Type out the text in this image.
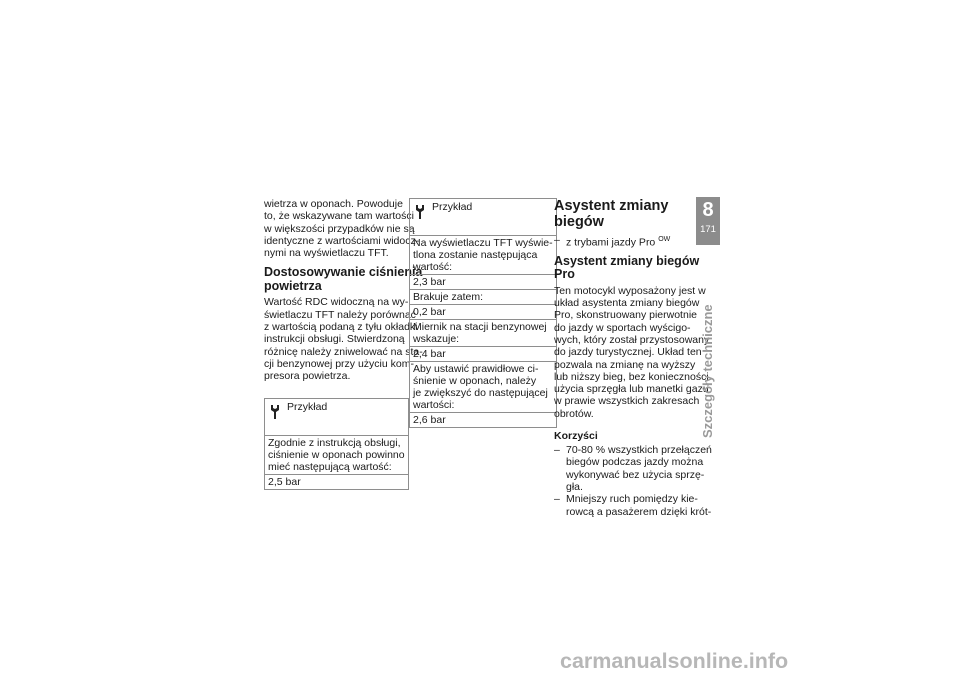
wietrza w oponach. Powoduje
to, że wskazywane tam wartości
w większości przypadków nie są
identyczne z wartościami widocz-
nymi na wyświetlaczu TFT.

Dostosowywanie ciśnienia
powietrza

Wartość RDC widoczną na wy-
świetlaczu TFT należy porównać
z wartością podaną z tyłu okładki
instrukcji obsługi. Stwierdzoną
różnicę należy zniwelować na sta-
cji benzynowej przy użyciu kom-
presora powietrza.

Przykład

Zgodnie z instrukcją obsługi,
ciśnienie w oponach powinno
mieć następującą wartość:

2,5 bar
Przykład

Na wyświetlaczu TFT wyświe-
tlona zostanie następująca
wartość:

2,3 bar

Brakuje zatem:

0,2 bar

Miernik na stacji benzynowej
wskazuje:

2,4 bar

Aby ustawić prawidłowe ci-
śnienie w oponach, należy
je zwiększyć do następującej
wartości:

2,6 bar
Asystent zmiany
biegów
– z trybami jazdy Pro $^{OW}$
Asystent zmiany biegów
Pro

Ten motocykl wyposażony jest w
układ asystenta zmiany biegów
Pro, skonstruowany pierwotnie
do jazdy w sportach wyścigo-
wych, który został przystosowany
do jazdy turystycznej. Układ ten
pozwala na zmianę na wyższy
lub niższy bieg, bez konieczności
użycia sprzęgła lub manetki gazu
w prawie wszystkich zakresach
obrotów.

Korzyści
– 70-80 % wszystkich przełączeń
biegów podczas jazdy można
wykonywać bez użycia sprzę-
gła.
– Mniejszy ruch pomiędzy kie-
rowcą a pasażerem dzięki krót-
8
171
Szczegóły techniczne
carmanualsonline.info
